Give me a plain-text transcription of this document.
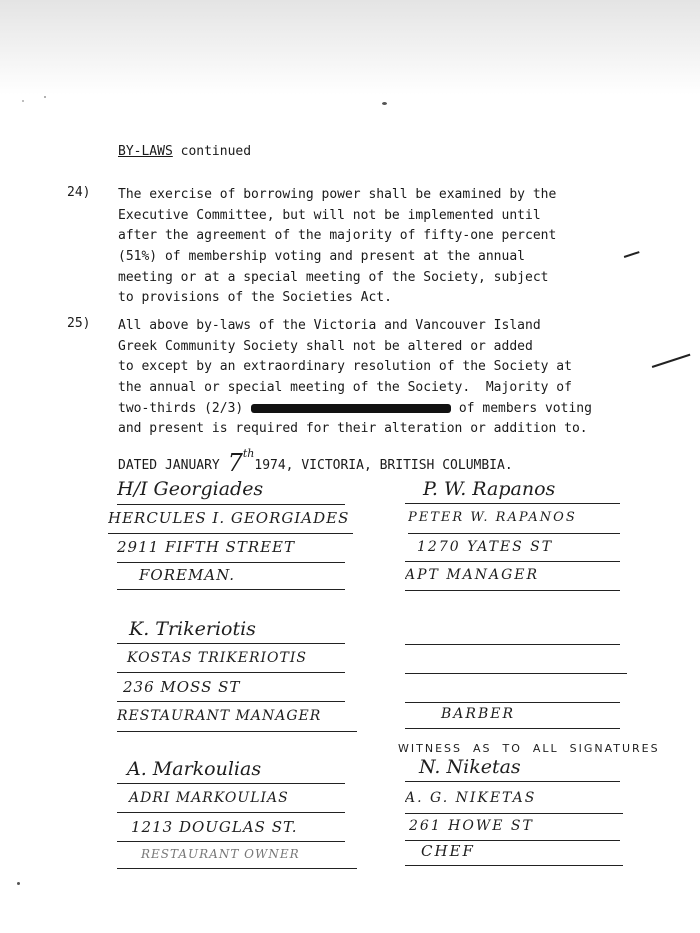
BY-LAWS continued
24) The exercise of borrowing power shall be examined by the
Executive Committee, but will not be implemented until
after the agreement of the majority of fifty-one percent
(51%) of membership voting and present at the annual
meeting or at a special meeting of the Society, subject
to provisions of the Societies Act.
25) All above by-laws of the Victoria and Vancouver Island
Greek Community Society shall not be altered or added
to except by an extraordinary resolution of the Society at
the annual or special meeting of the Society.  Majority of
two-thirds (2/3)	of members voting
and present is required for their alteration or addition to.
DATED JANUARY 7th1974, VICTORIA, BRITISH COLUMBIA.
H/I Georgiades
HERCULES I. GEORGIADES
2911 FIFTH STREET
FOREMAN.
K. Trikeriotis
KOSTAS TRIKERIOTIS
236 MOSS ST
RESTAURANT MANAGER
A. Markoulias
ADRI MARKOULIAS
1213 DOUGLAS ST.
RESTAURANT OWNER
P. W. Rapanos
PETER W. RAPANOS
1270 YATES ST
APT MANAGER
BARBER
WITNESS  AS  TO  ALL  SIGNATURES
N. Niketas
A. G. NIKETAS
261 HOWE ST
CHEF
